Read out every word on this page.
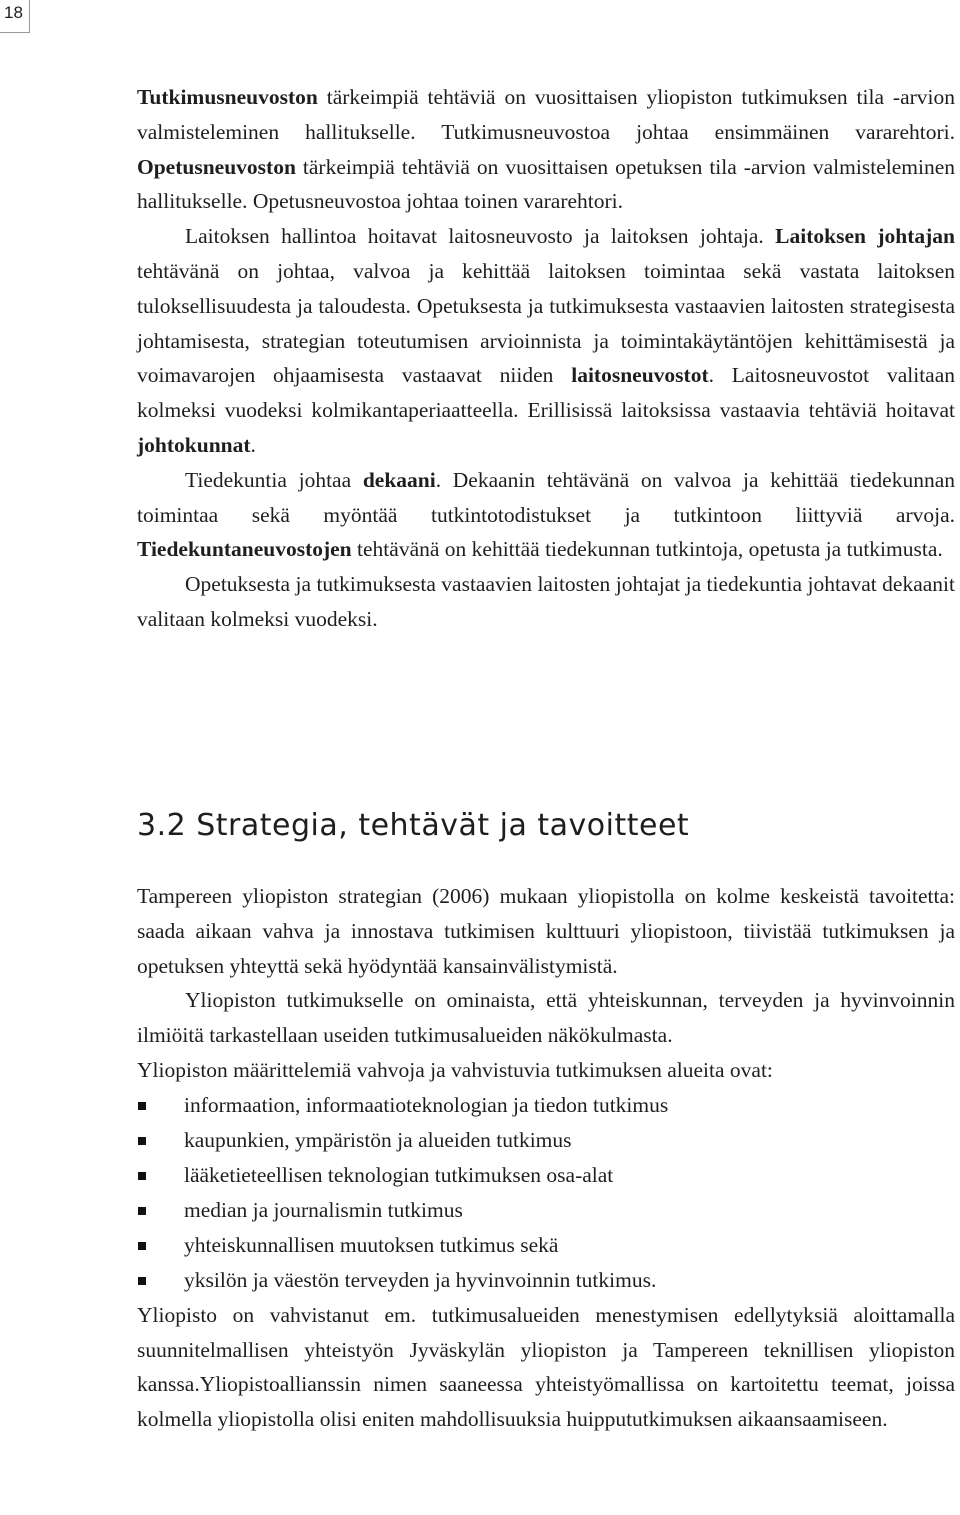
18

Tutkimusneuvoston tärkeimpiä tehtäviä on vuosittaisen yliopiston tutkimuksen tila -arvion valmisteleminen hallitukselle. Tutkimusneuvostoa johtaa ensimmäinen vararehtori. Opetusneuvoston tärkeimpiä tehtäviä on vuosittaisen opetuksen tila -arvion valmisteleminen hallitukselle. Opetusneuvostoa johtaa toinen vararehtori.

Laitoksen hallintoa hoitavat laitosneuvosto ja laitoksen johtaja. Laitoksen johtajan tehtävänä on johtaa, valvoa ja kehittää laitoksen toimintaa sekä vastata laitoksen tuloksellisuudesta ja taloudesta. Opetuksesta ja tutkimuksesta vastaavien laitosten strategisesta johtamisesta, strategian toteutumisen arvioinnista ja toimintakäytäntöjen kehittämisestä ja voimavarojen ohjaamisesta vastaavat niiden laitosneuvostot. Laitosneuvostot valitaan kolmeksi vuodeksi kolmikantaperiaatteella. Erillisissä laitoksissa vastaavia tehtäviä hoitavat johtokunnat.

Tiedekuntia johtaa dekaani. Dekaanin tehtävänä on valvoa ja kehittää tiedekunnan toimintaa sekä myöntää tutkintotodistukset ja tutkintoon liittyviä arvoja. Tiedekuntaneuvostojen tehtävänä on kehittää tiedekunnan tutkintoja, opetusta ja tutkimusta.

Opetuksesta ja tutkimuksesta vastaavien laitosten johtajat ja tiedekuntia johtavat dekaanit valitaan kolmeksi vuodeksi.

3.2 Strategia, tehtävät ja tavoitteet

Tampereen yliopiston strategian (2006) mukaan yliopistolla on kolme keskeistä tavoitetta: saada aikaan vahva ja innostava tutkimisen kulttuuri yliopistoon, tiivistää tutkimuksen ja opetuksen yhteyttä sekä hyödyntää kansainvälistymistä.

Yliopiston tutkimukselle on ominaista, että yhteiskunnan, terveyden ja hyvinvoinnin ilmiöitä tarkastellaan useiden tutkimusalueiden näkökulmasta.

Yliopiston määrittelemiä vahvoja ja vahvistuvia tutkimuksen alueita ovat:

informaation, informaatioteknologian ja tiedon tutkimus
kaupunkien, ympäristön ja alueiden tutkimus
lääketieteellisen teknologian tutkimuksen osa-alat
median ja journalismin tutkimus
yhteiskunnallisen muutoksen tutkimus sekä
yksilön ja väestön terveyden ja hyvinvoinnin tutkimus.

Yliopisto on vahvistanut em. tutkimusalueiden menestymisen edellytyksiä aloittamalla suunnitelmallisen yhteistyön Jyväskylän yliopiston ja Tampereen teknillisen yliopiston kanssa.Yliopistoallianssin nimen saaneessa yhteistyömallissa on kartoitettu teemat, joissa kolmella yliopistolla olisi eniten mahdollisuuksia huippututkimuksen aikaansaamiseen.
